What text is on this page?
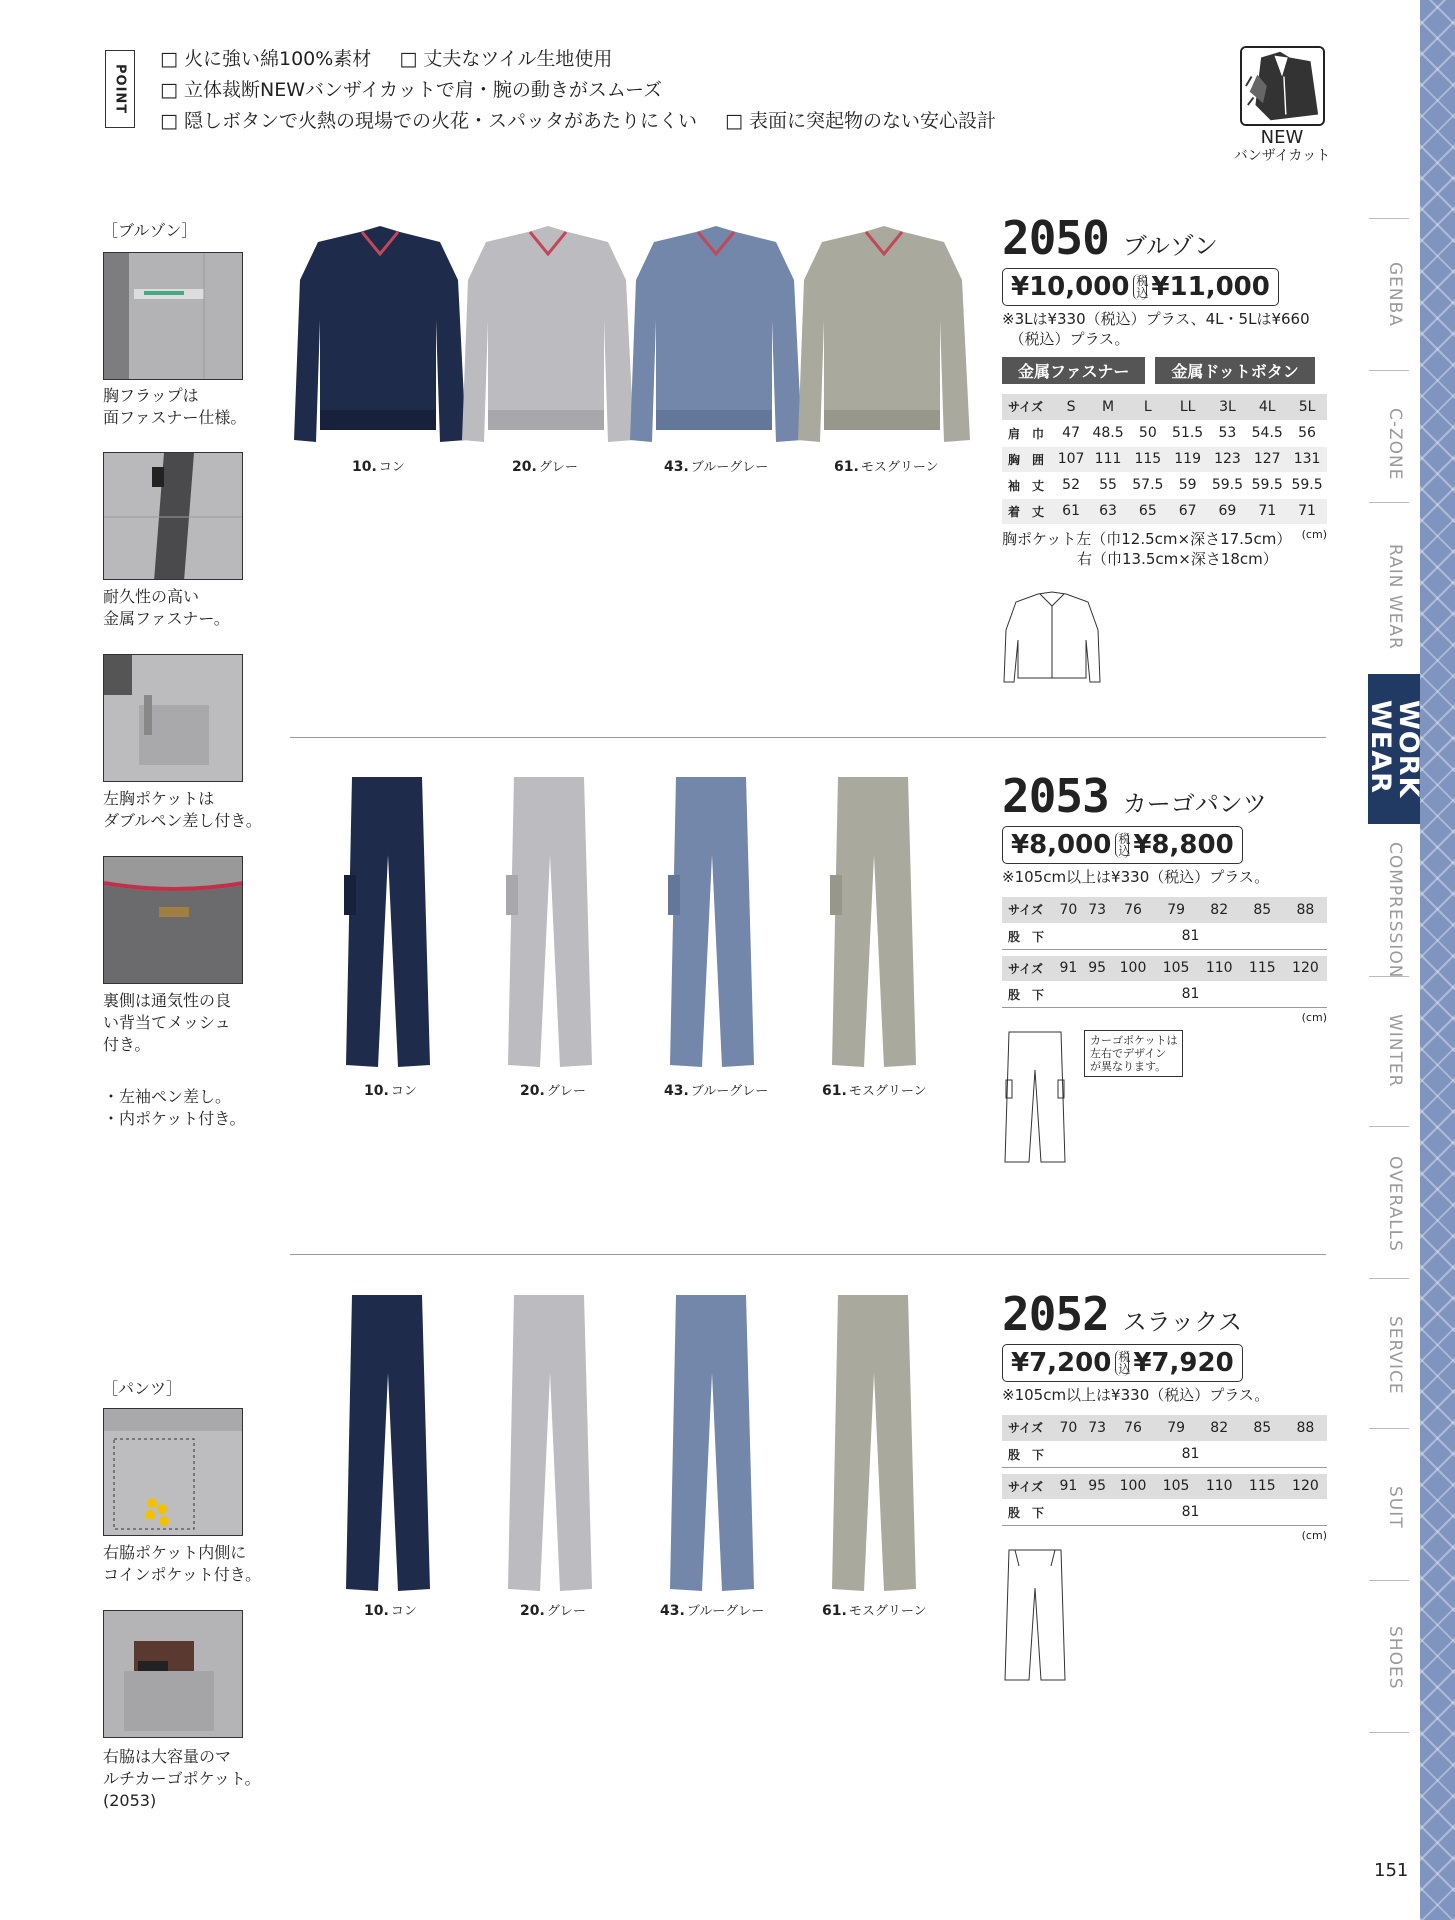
POINT
□ 火に強い綿100%素材 □ 丈夫なツイル生地使用
□ 立体裁断NEWバンザイカットで肩・腕の動きがスムーズ
□ 隠しボタンで火熱の現場での火花・スパッタがあたりにくい □ 表面に突起物のない安心設計
NEW
バンザイカット
GENBA
C-ZONE
RAIN WEAR
WORK
WEAR
COMPRESSION
WINTER
OVERALLS
SERVICE
SUIT
SHOES
［ブルゾン］
胸フラップは
面ファスナー仕様。
耐久性の高い
金属ファスナー。
左胸ポケットは
ダブルペン差し付き。
裏側は通気性の良
い背当てメッシュ
付き。
・左袖ペン差し。
・内ポケット付き。
［パンツ］
右脇ポケット内側に
コインポケット付き。
右脇は大容量のマ
ルチカーゴポケット。
(2053)
10. コン	20. グレー	43. ブルーグレー	61. モスグリーン
2050 ブルゾン
¥10,000 税込 ¥11,000
※3Lは¥330（税込）プラス、4L・5Lは¥660
　（税込）プラス。
金属ファスナー	金属ドットボタン
サイズ	S	M	L	LL	3L	4L	5L
肩　巾	47	48.5	50	51.5	53	54.5	56
胸　囲	107	111	115	119	123	127	131
袖　丈	52	55	57.5	59	59.5	59.5	59.5
着　丈	61	63	65	67	69	71	71
(cm)
胸ポケット左（巾12.5cm×深さ17.5cm）
　　　　　右（巾13.5cm×深さ18cm）
10. コン	20. グレー	43. ブルーグレー	61. モスグリーン
2053 カーゴパンツ
¥8,000 税込 ¥8,800
※105cm以上は¥330（税込）プラス。
サイズ	70	73	76	79	82	85	88
股　下	81						

サイズ	91	95	100	105	110	115	120
股　下	81						
(cm)
カーゴポケットは
左右でデザイン
が異なります。
10. コン	20. グレー	43. ブルーグレー	61. モスグリーン
2052 スラックス
¥7,200 税込 ¥7,920
※105cm以上は¥330（税込）プラス。
サイズ	70	73	76	79	82	85	88
股　下	81						

サイズ	91	95	100	105	110	115	120
股　下	81						
(cm)
151
